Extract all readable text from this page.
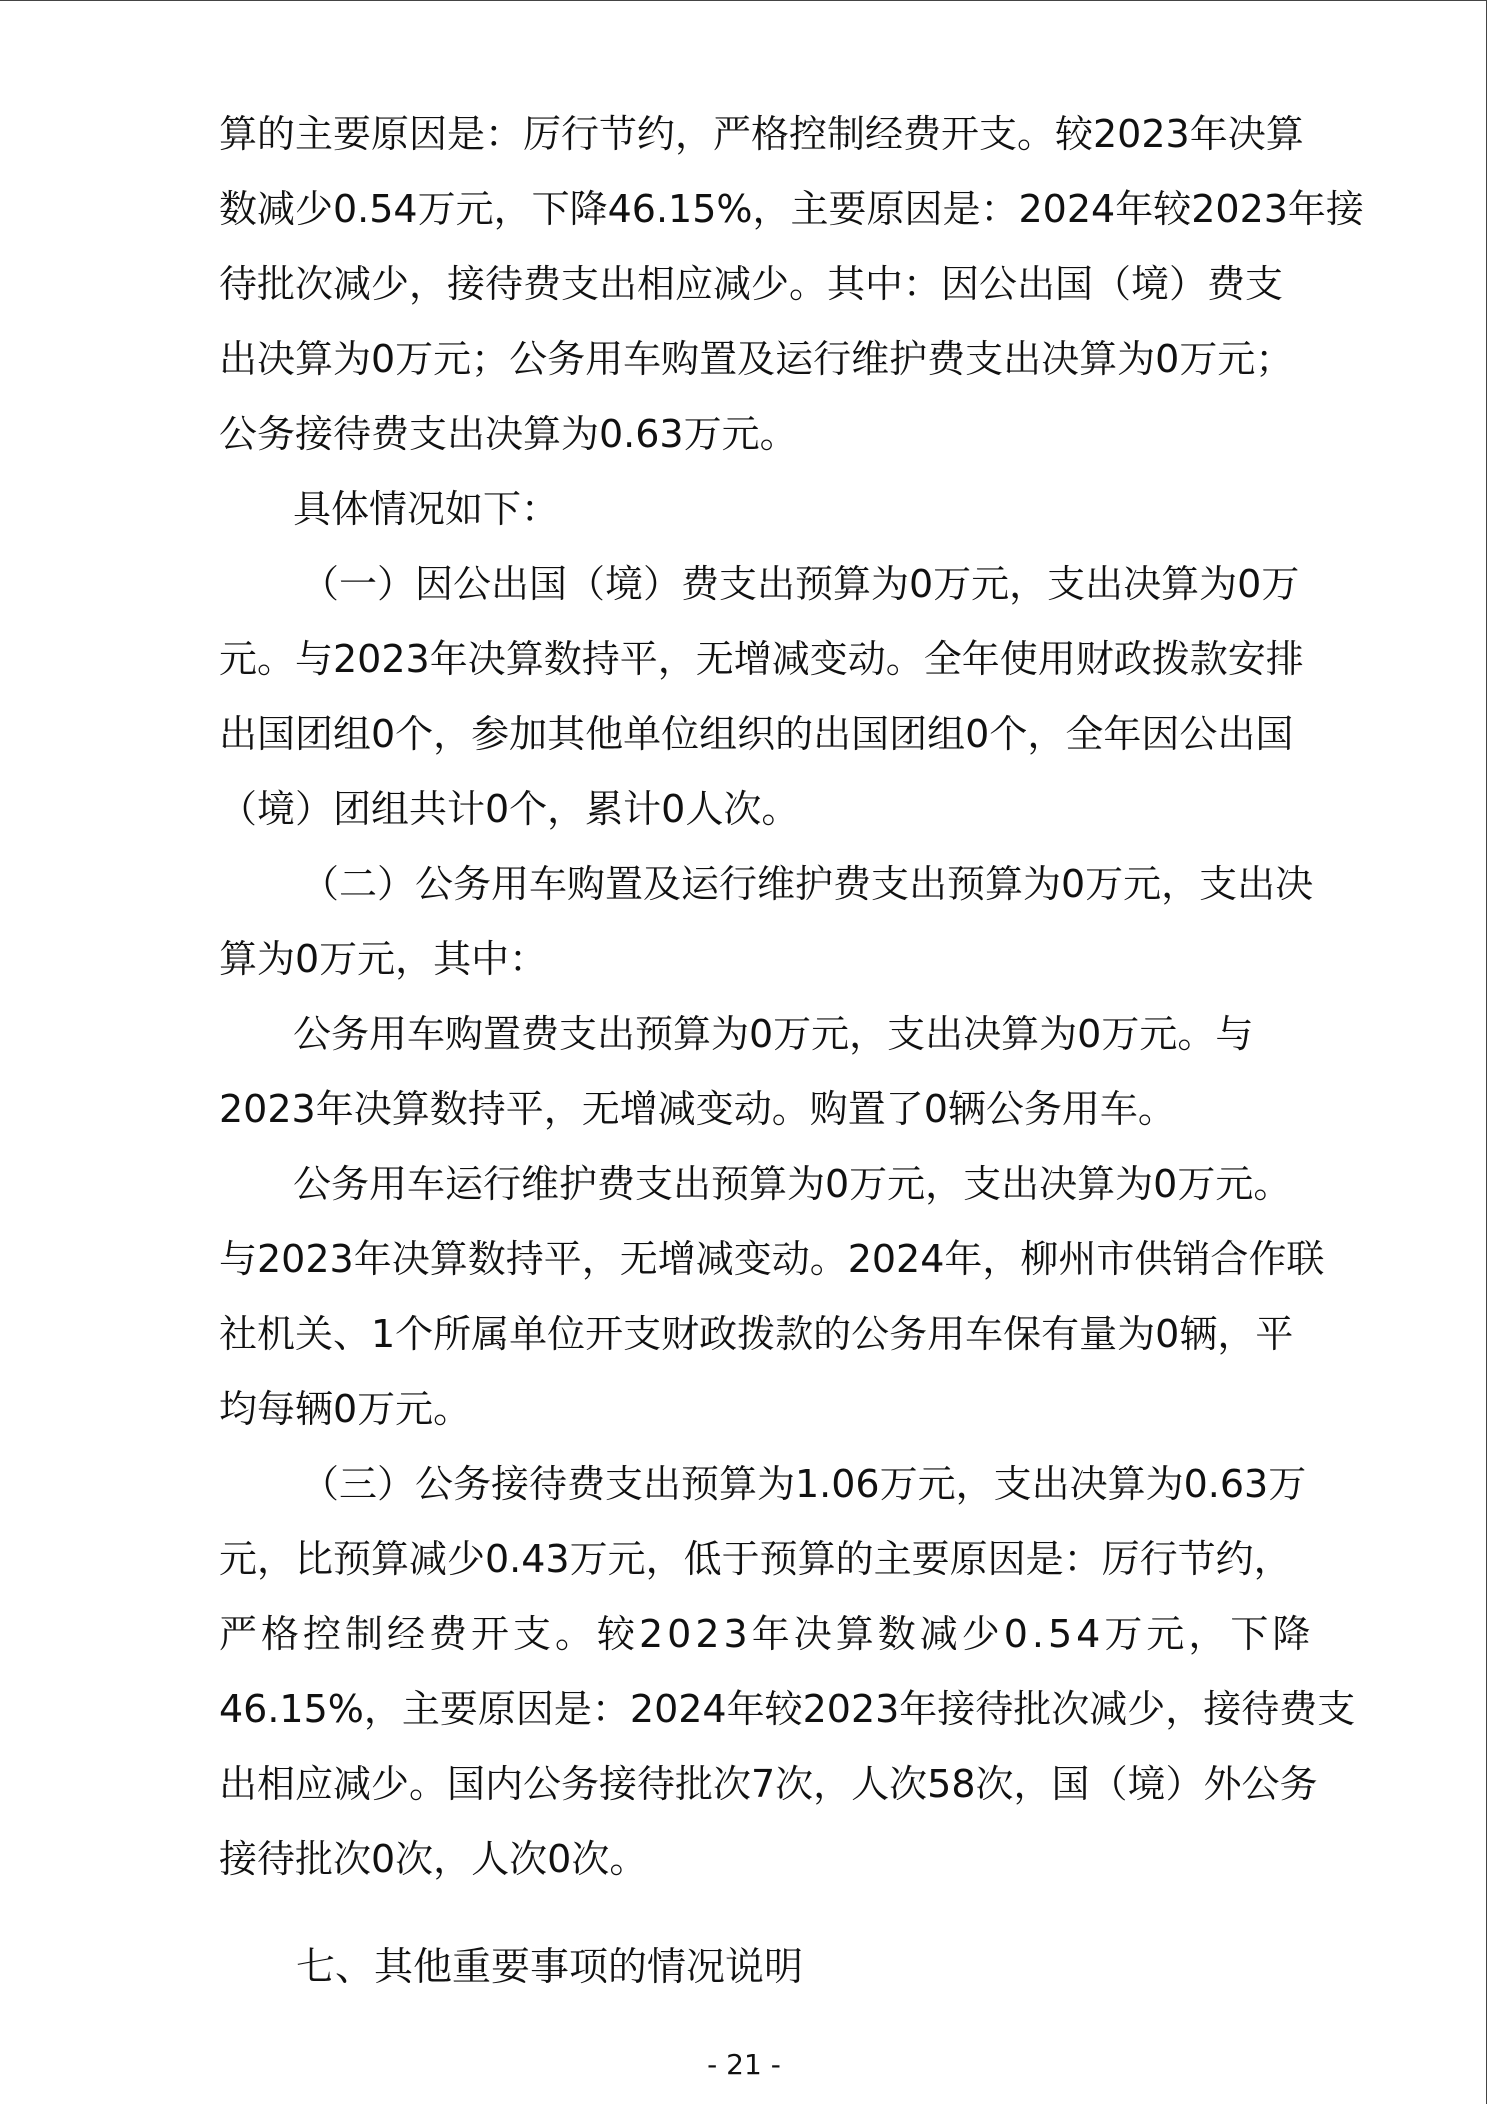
算的主要原因是：厉行节约，严格控制经费开支。较2023年决算
数减少0.54万元，下降46.15%，主要原因是：2024年较2023年接
待批次减少，接待费支出相应减少。其中：因公出国（境）费支
出决算为0万元；公务用车购置及运行维护费支出决算为0万元；
公务接待费支出决算为0.63万元。
具体情况如下：
（一）因公出国（境）费支出预算为0万元，支出决算为0万
元。与2023年决算数持平，无增减变动。全年使用财政拨款安排
出国团组0个，参加其他单位组织的出国团组0个，全年因公出国
（境）团组共计0个，累计0人次。
（二）公务用车购置及运行维护费支出预算为0万元，支出决
算为0万元，其中：
公务用车购置费支出预算为0万元，支出决算为0万元。与
2023年决算数持平，无增减变动。购置了0辆公务用车。
公务用车运行维护费支出预算为0万元，支出决算为0万元。
与2023年决算数持平，无增减变动。2024年，柳州市供销合作联
社机关、1个所属单位开支财政拨款的公务用车保有量为0辆，平
均每辆0万元。
（三）公务接待费支出预算为1.06万元，支出决算为0.63万
元，比预算减少0.43万元，低于预算的主要原因是：厉行节约，
严格控制经费开支。较2023年决算数减少0.54万元，下降
46.15%，主要原因是：2024年较2023年接待批次减少，接待费支
出相应减少。国内公务接待批次7次，人次58次，国（境）外公务
接待批次0次，人次0次。
七、其他重要事项的情况说明
- 21 -
